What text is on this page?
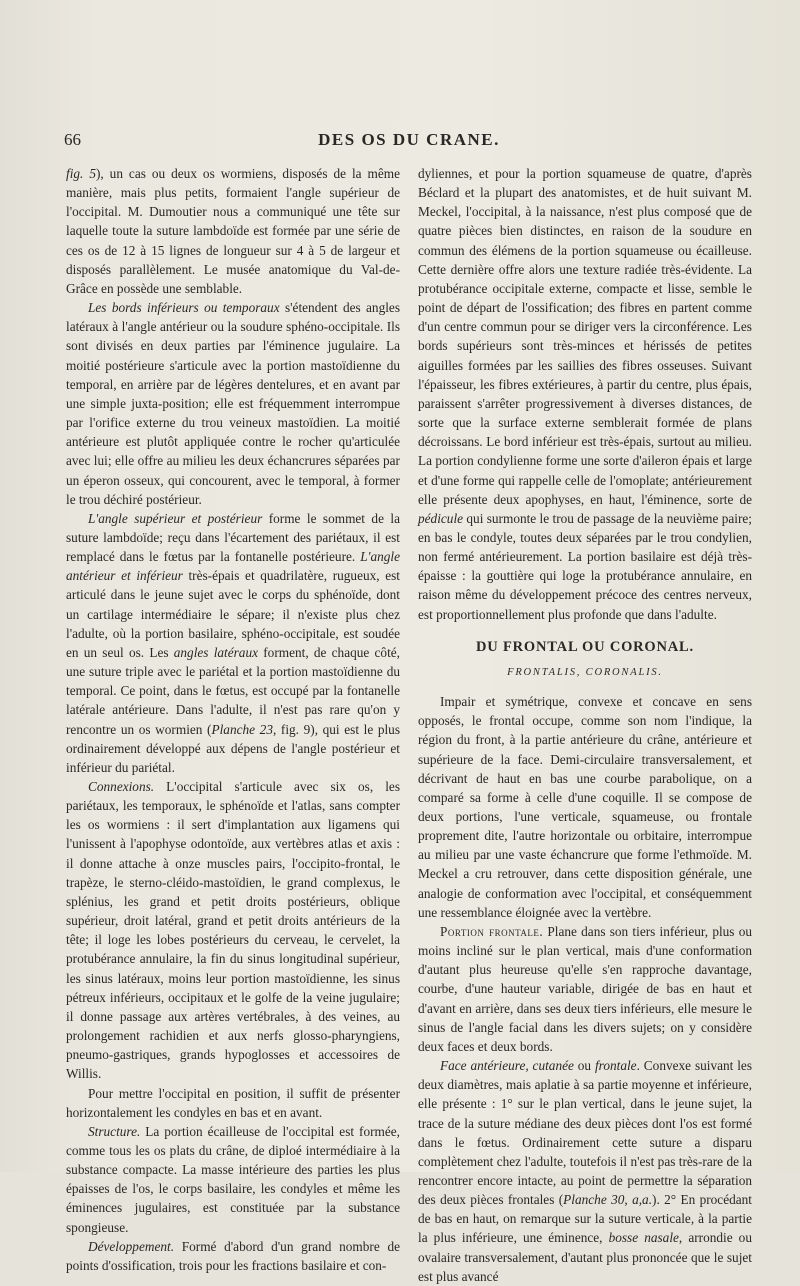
66	DES OS DU CRANE.

fig. 5), un cas ou deux os wormiens, disposés de la même manière, mais plus petits, formaient l'angle supérieur de l'occipital. M. Dumoutier nous a communiqué une tête sur laquelle toute la suture lambdoïde est formée par une série de ces os de 12 à 15 lignes de longueur sur 4 à 5 de largeur et disposés parallèlement. Le musée anatomique du Val-de-Grâce en possède une semblable.

Les bords inférieurs ou temporaux s'étendent des angles latéraux à l'angle antérieur ou la soudure sphéno-occipitale. Ils sont divisés en deux parties par l'éminence jugulaire. La moitié postérieure s'articule avec la portion mastoïdienne du temporal, en arrière par de légères dentelures, et en avant par une simple juxta-position; elle est fréquemment interrompue par l'orifice externe du trou veineux mastoïdien. La moitié antérieure est plutôt appliquée contre le rocher qu'articulée avec lui; elle offre au milieu les deux échancrures séparées par un éperon osseux, qui concourent, avec le temporal, à former le trou déchiré postérieur.

L'angle supérieur et postérieur forme le sommet de la suture lambdoïde; reçu dans l'écartement des pariétaux, il est remplacé dans le fœtus par la fontanelle postérieure. L'angle antérieur et inférieur très-épais et quadrilatère, rugueux, est articulé dans le jeune sujet avec le corps du sphénoïde, dont un cartilage intermédiaire le sépare; il n'existe plus chez l'adulte, où la portion basilaire, sphéno-occipitale, est soudée en un seul os. Les angles latéraux forment, de chaque côté, une suture triple avec le pariétal et la portion mastoïdienne du temporal. Ce point, dans le fœtus, est occupé par la fontanelle latérale antérieure. Dans l'adulte, il n'est pas rare qu'on y rencontre un os wormien (Planche 23, fig. 9), qui est le plus ordinairement développé aux dépens de l'angle postérieur et inférieur du pariétal.

Connexions. L'occipital s'articule avec six os, les pariétaux, les temporaux, le sphénoïde et l'atlas, sans compter les os wormiens : il sert d'implantation aux ligamens qui l'unissent à l'apophyse odontoïde, aux vertèbres atlas et axis : il donne attache à onze muscles pairs, l'occipito-frontal, le trapèze, le sterno-cléido-mastoïdien, le grand complexus, le splénius, les grand et petit droits postérieurs, oblique supérieur, droit latéral, grand et petit droits antérieurs de la tête; il loge les lobes postérieurs du cerveau, le cervelet, la protubérance annulaire, la fin du sinus longitudinal supérieur, les sinus latéraux, moins leur portion mastoïdienne, les sinus pétreux inférieurs, occipitaux et le golfe de la veine jugulaire; il donne passage aux artères vertébrales, à des veines, au prolongement rachidien et aux nerfs glosso-pharyngiens, pneumo-gastriques, grands hypoglosses et accessoires de Willis.

Pour mettre l'occipital en position, il suffit de présenter horizontalement les condyles en bas et en avant.

Structure. La portion écailleuse de l'occipital est formée, comme tous les os plats du crâne, de diploé intermédiaire à la substance compacte. La masse intérieure des parties les plus épaisses de l'os, le corps basilaire, les condyles et même les éminences jugulaires, est constituée par la substance spongieuse.

Développement. Formé d'abord d'un grand nombre de points d'ossification, trois pour les fractions basilaire et con-

dyliennes, et pour la portion squameuse de quatre, d'après Béclard et la plupart des anatomistes, et de huit suivant M. Meckel, l'occipital, à la naissance, n'est plus composé que de quatre pièces bien distinctes, en raison de la soudure en commun des élémens de la portion squameuse ou écailleuse. Cette dernière offre alors une texture radiée très-évidente. La protubérance occipitale externe, compacte et lisse, semble le point de départ de l'ossification; des fibres en partent comme d'un centre commun pour se diriger vers la circonférence. Les bords supérieurs sont très-minces et hérissés de petites aiguilles formées par les saillies des fibres osseuses. Suivant l'épaisseur, les fibres extérieures, à partir du centre, plus épais, paraissent s'arrêter progressivement à diverses distances, de sorte que la surface externe semblerait formée de plans décroissans. Le bord inférieur est très-épais, surtout au milieu. La portion condylienne forme une sorte d'aileron épais et large et d'une forme qui rappelle celle de l'omoplate; antérieurement elle présente deux apophyses, en haut, l'éminence, sorte de pédicule qui surmonte le trou de passage de la neuvième paire; en bas le condyle, toutes deux séparées par le trou condylien, non fermé antérieurement. La portion basilaire est déjà très-épaisse : la gouttière qui loge la protubérance annulaire, en raison même du développement précoce des centres nerveux, est proportionnellement plus profonde que dans l'adulte.

DU FRONTAL OU CORONAL.
FRONTALIS, CORONALIS.

Impair et symétrique, convexe et concave en sens opposés, le frontal occupe, comme son nom l'indique, la région du front, à la partie antérieure du crâne, antérieure et supérieure de la face. Demi-circulaire transversalement, et décrivant de haut en bas une courbe parabolique, on a comparé sa forme à celle d'une coquille. Il se compose de deux portions, l'une verticale, squameuse, ou frontale proprement dite, l'autre horizontale ou orbitaire, interrompue au milieu par une vaste échancrure que forme l'ethmoïde. M. Meckel a cru retrouver, dans cette disposition générale, une analogie de conformation avec l'occipital, et conséquemment une ressemblance éloignée avec la vertèbre.

Portion frontale. Plane dans son tiers inférieur, plus ou moins incliné sur le plan vertical, mais d'une conformation d'autant plus heureuse qu'elle s'en rapproche davantage, courbe, d'une hauteur variable, dirigée de bas en haut et d'avant en arrière, dans ses deux tiers inférieurs, elle mesure le sinus de l'angle facial dans les divers sujets; on y considère deux faces et deux bords.

Face antérieure, cutanée ou frontale. Convexe suivant les deux diamètres, mais aplatie à sa partie moyenne et inférieure, elle présente : 1° sur le plan vertical, dans le jeune sujet, la trace de la suture médiane des deux pièces dont l'os est formé dans le fœtus. Ordinairement cette suture a disparu complètement chez l'adulte, toutefois il n'est pas très-rare de la rencontrer encore intacte, au point de permettre la séparation des deux pièces frontales (Planche 30, a,a.). 2° En procédant de bas en haut, on remarque sur la suture verticale, à la partie la plus inférieure, une éminence, bosse nasale, arrondie ou ovalaire transversalement, d'autant plus prononcée que le sujet est plus avancé
